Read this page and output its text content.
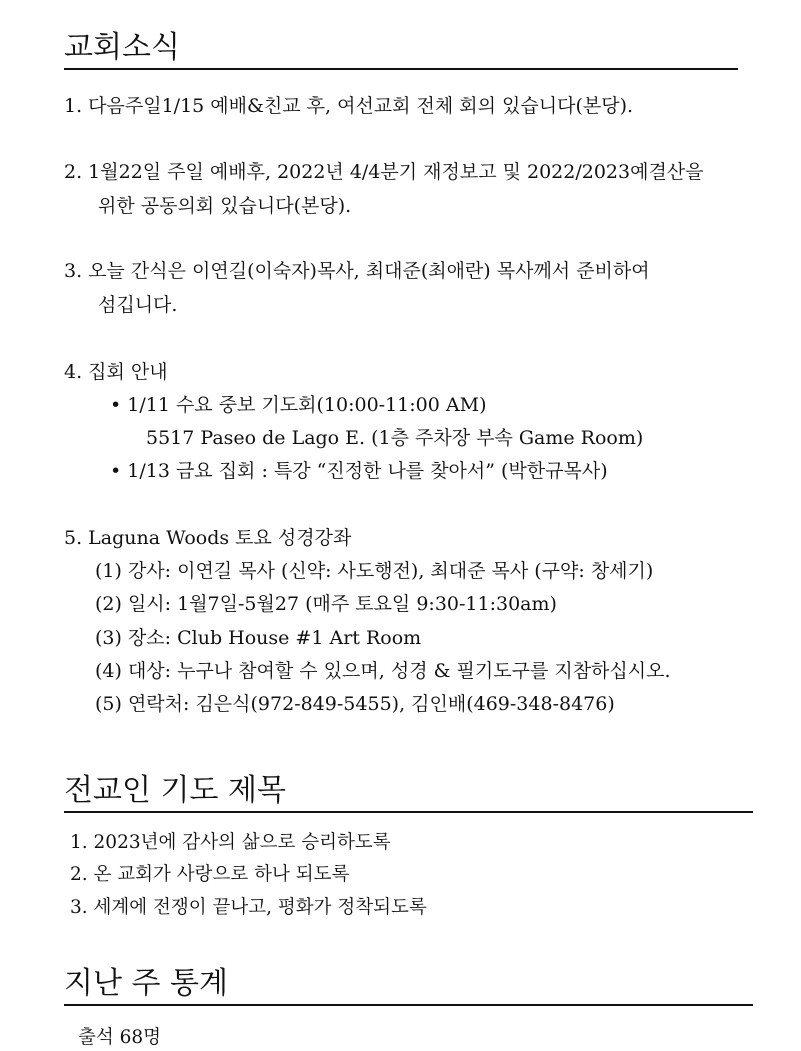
교회소식
1. 다음주일1/15 예배&친교 후, 여선교회 전체 회의 있습니다(본당).
2. 1월22일 주일 예배후, 2022년 4/4분기 재정보고 및 2022/2023예결산을
위한 공동의회 있습니다(본당).
3. 오늘 간식은 이연길(이숙자)목사, 최대준(최애란) 목사께서 준비하여
섬깁니다.
4. 집회 안내
• 1/11 수요 중보 기도회(10:00-11:00 AM)
5517 Paseo de Lago E. (1층 주차장 부속 Game Room)
• 1/13 금요 집회 : 특강 “진정한 나를 찾아서” (박한규목사)
5. Laguna Woods 토요 성경강좌
(1) 강사: 이연길 목사 (신약: 사도행전), 최대준 목사 (구약: 창세기)
(2) 일시: 1월7일-5월27 (매주 토요일 9:30-11:30am)
(3) 장소: Club House #1 Art Room
(4) 대상: 누구나 참여할 수 있으며, 성경 & 필기도구를 지참하십시오.
(5) 연락처: 김은식(972-849-5455), 김인배(469-348-8476)
전교인 기도 제목
1. 2023년에 감사의 삶으로 승리하도록
2. 온 교회가 사랑으로 하나 되도록
3. 세계에 전쟁이 끝나고, 평화가 정착되도록
지난 주 통계
출석 68명
